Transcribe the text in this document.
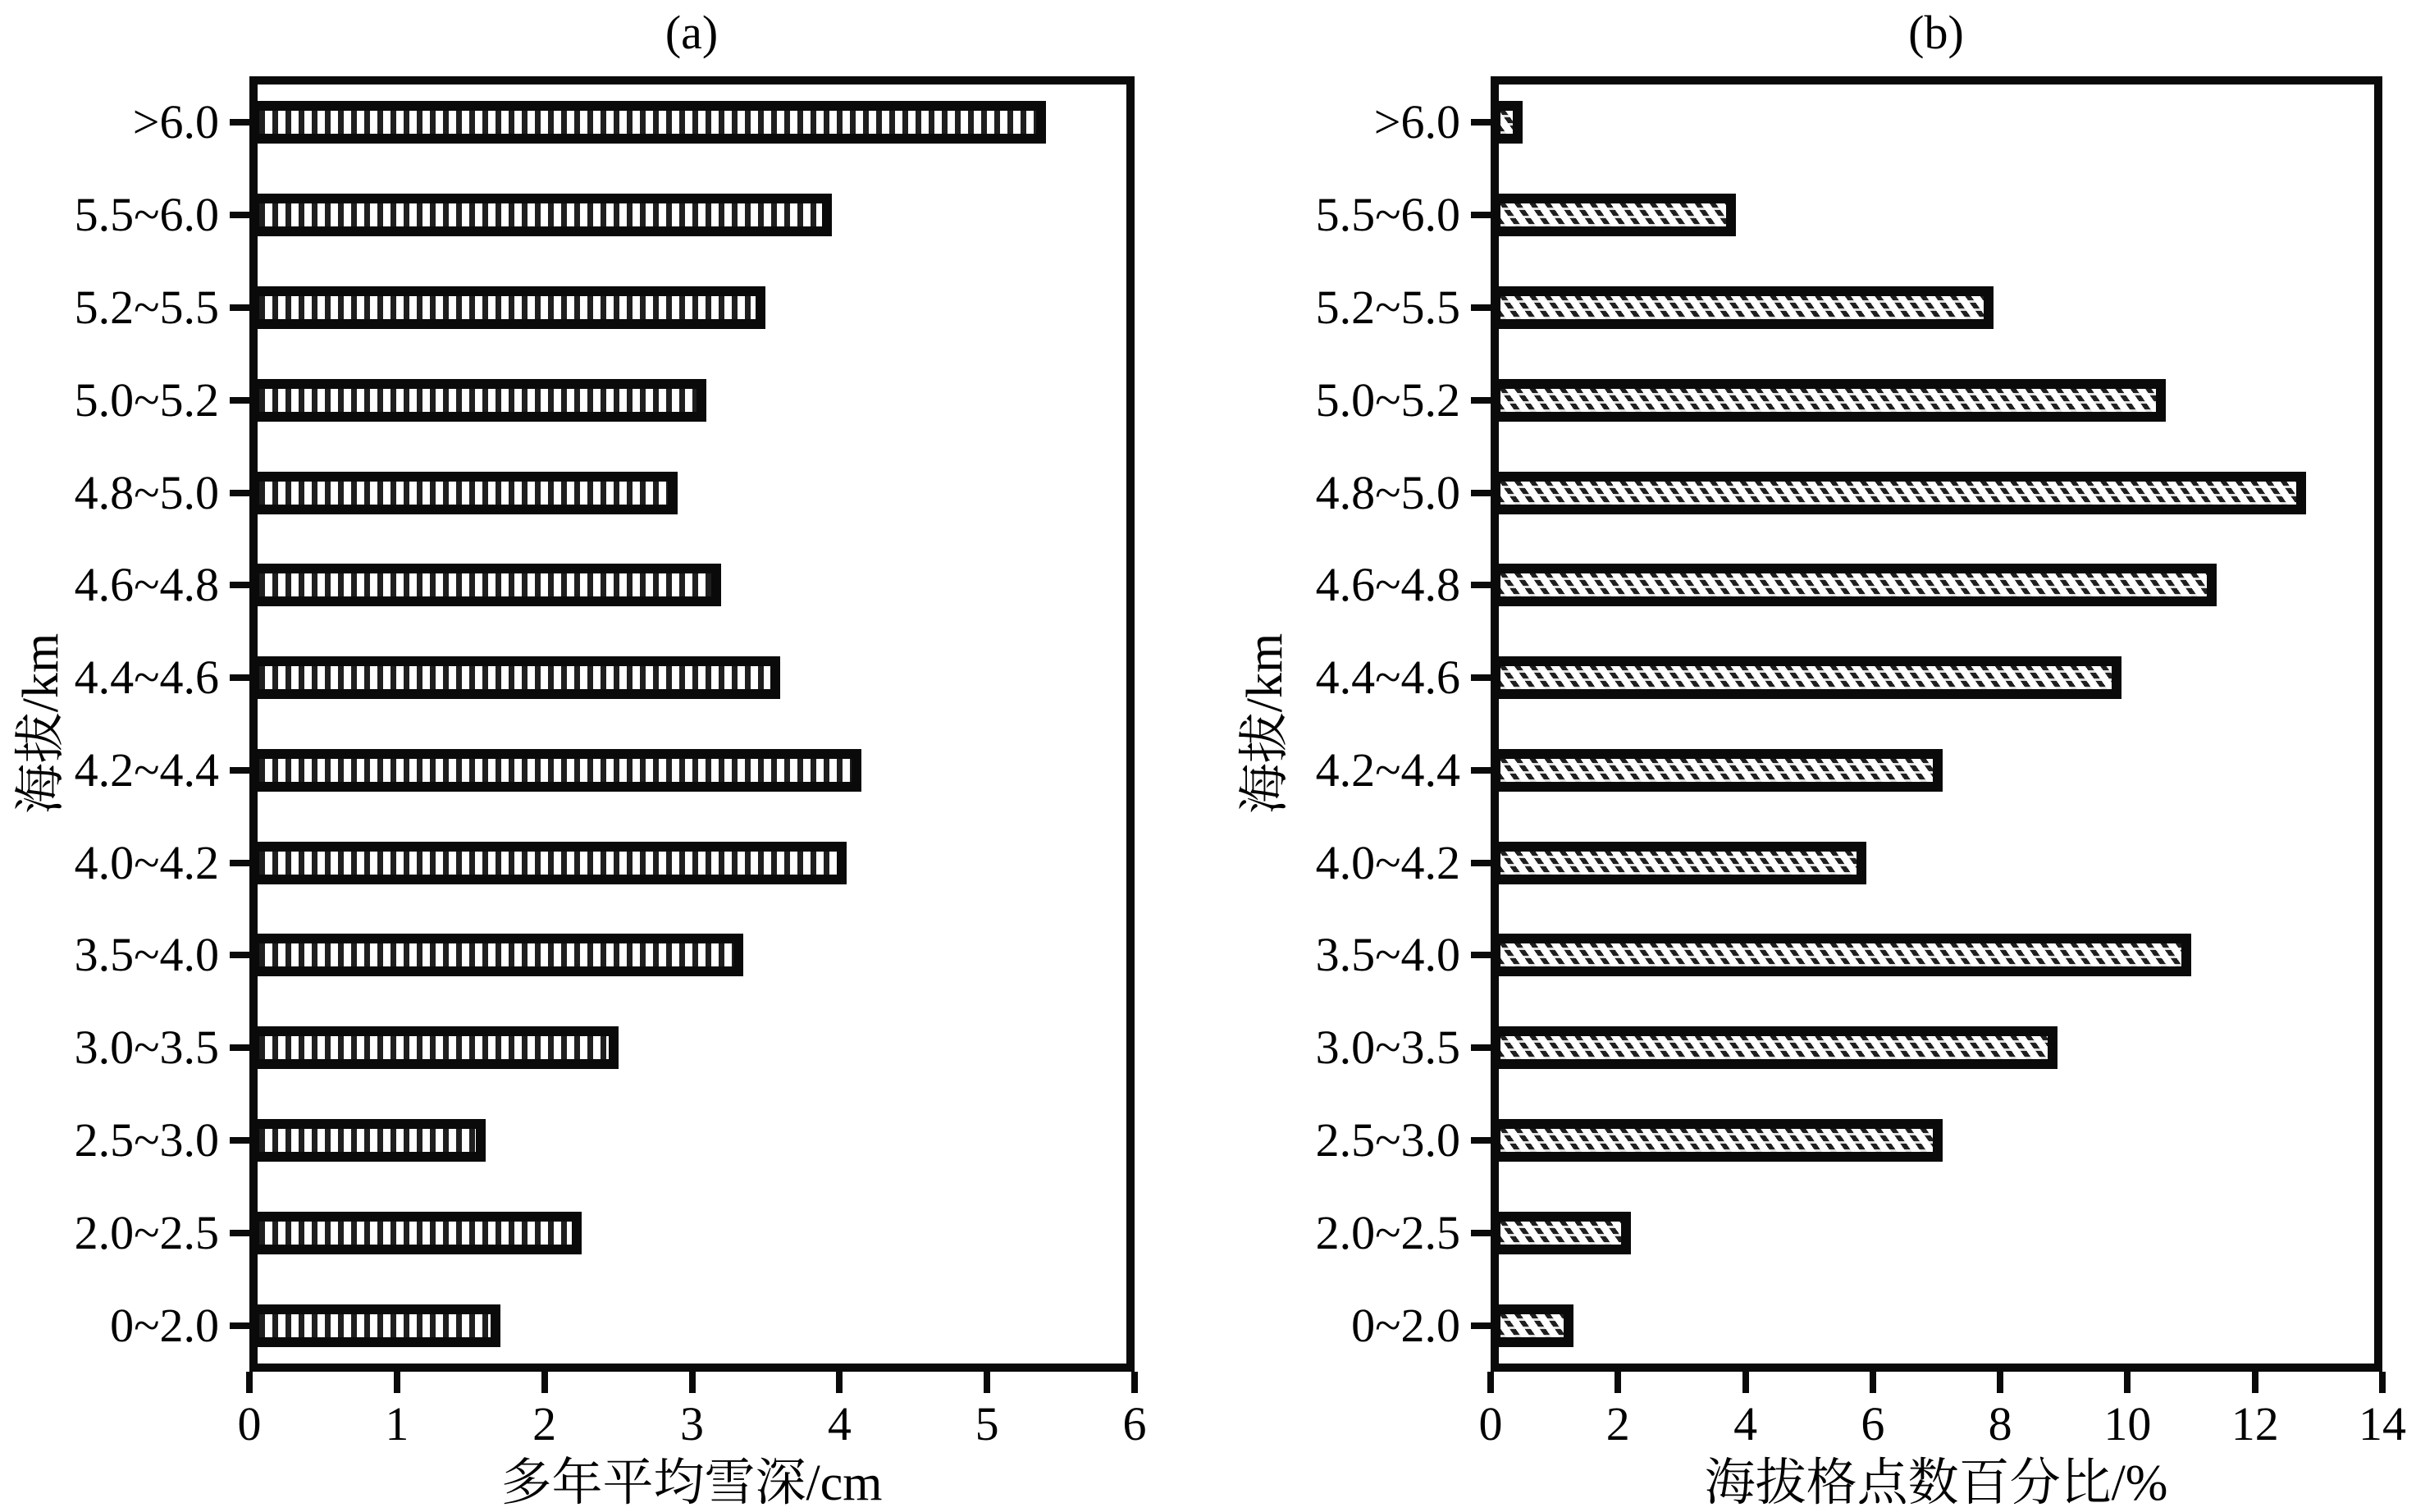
(a)	(b)
海拔/km	海拔/km
多年平均雪深/cm	海拔格点数百分比/%
>6.0
5.5~6.0
5.2~5.5
5.0~5.2
4.8~5.0
4.6~4.8
4.4~4.6
4.2~4.4
4.0~4.2
3.5~4.0
3.0~3.5
2.5~3.0
2.0~2.5
0~2.0
0	1	2	3	4	5	6
>6.0
5.5~6.0
5.2~5.5
5.0~5.2
4.8~5.0
4.6~4.8
4.4~4.6
4.2~4.4
4.0~4.2
3.5~4.0
3.0~3.5
2.5~3.0
2.0~2.5
0~2.0
0	2	4	6	8	10	12	14
